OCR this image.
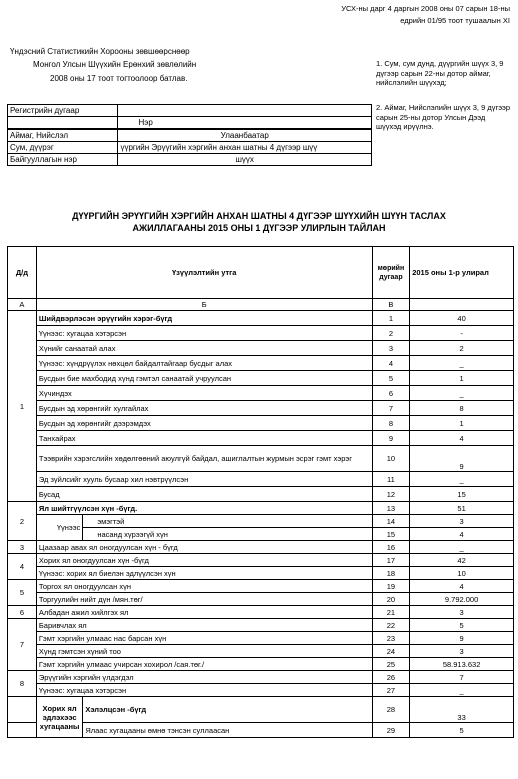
УСХ-ны дарг 4 даргын 2008 оны 07 сарын 18-ны
едрийн 01/95 тоот тушаалын ХI
Үндэсний Статистикийн Хорооны зөвшөөрснөөр
Монгол Улсын Шүүхийн Ерөнхий зөвлөлийн
2008 оны 17 тоот тогтоолоор батлав.
1. Сум, сум дунд, дүүргийн шүүх 3, 9 дүгээр сарын 22-ны дотор аймаг, нийслэлийн шүүхэд;
2. Аймаг, Нийслэлийн шүүх 3, 9 дүгээр сарын 25-ны дотор Улсын Дээд шүүхэд ирүүлнэ.
Регистрийн дугаар	
	Нэр
Аймаг, Нийслэл	Улаанбаатар
Сум, дүүрэг	үүргийн Эрүүгийн хэргийн анхан шатны 4 дүгээр шүү
Байгууллагын нэр	шүүх
ДҮҮРГИЙН ЭРҮҮГИЙН ХЭРГИЙН АНХАН ШАТНЫ 4 ДҮГЭЭР ШҮҮХИЙН ШҮҮН ТАСЛАХ
АЖИЛЛАГААНЫ 2015 ОНЫ 1 ДҮГЭЭР УЛИРЛЫН ТАЙЛАН
Д/д	Үзүүлэлтийн утга		мөрийн дугаар	2015 оны 1-р улирал
А	Б		В	
1	Шийдвэрлэсэн эрүүгийн хэрэг-бүгд		1	40
	Үүнээс: хугацаа хэтэрсэн		2	-
	Хүнийг санаатай алах		3	2
	Үүнээс: хүндрүүлэх нөхцөл байдалтайгаар бусдыг алах		4	_
	Бусдын бие махбодид хүнд гэмтэл санаатай учруулсан		5	1
	Хүчиндэх		6	_
	Бусдын эд хөрөнгийг хулгайлах		7	8
	Бусдын эд хөрөнгийг дээрэмдэх		8	1
	Танхайрах		9	4
	Тээврийн хэрэгслийн хөдөлгөөний аюулгүй байдал, ашиглалтын журмын эсрэг гэмт хэрэг		10	9
	Эд зүйлсийг хууль бусаар хил нэвтрүүлсэн		11	_
	Бусад		12	15
2	Ял шийтгүүлсэн хүн -бүгд.		13	51
	Үүнээс	эмэгтэй	14	3
		насанд хүрээгүй хүн	15	4
3	Цаазаар авах ял оногдуулсан хүн - бүгд		16	_
4	Хорих ял оногдуулсан хүн -бүгд		17	42
	Үүнээс: хорих ял биелэн эдлүүлсэн хүн		18	10
5	Торгох ял оногдуулсан хүн		19	4
	Торгуулийн нийт дүн /мян.төг/		20	9.792.000
6	Албадан ажил хийлгэх ял		21	3
7	Баривчлах ял		22	5
	Гэмт хэргийн улмаас нас барсан хүн		23	9
	Хүнд гэмтсэн хүний тоо		24	3
	Гэмт хэргийн улмаас учирсан хохирол /сая.төг./		25	58.913.632
8	Эрүүгийн хэргийн үлдэгдэл		26	7
	Үүнээс: хугацаа хэтэрсэн		27	_
	Хорих ял эдлэхээс хугацааны	Хэлэлцсэн -бүгд	28	33
		Ялаас хугацааны өмнө тэнсэн суллаасан	29	5
